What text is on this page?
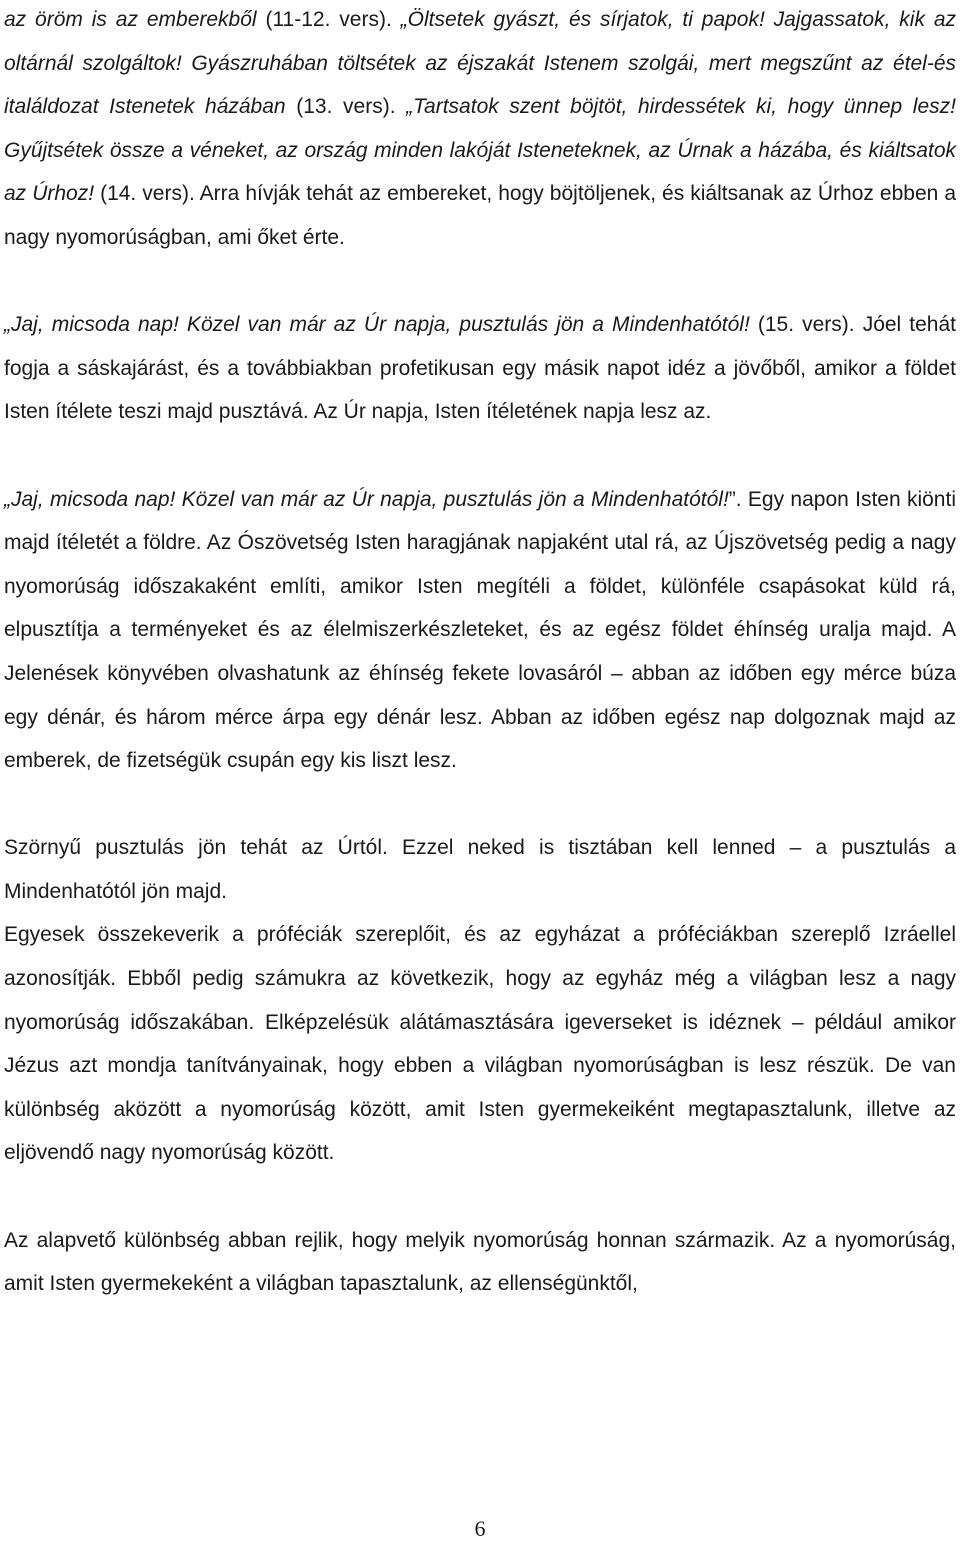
az öröm is az emberekből (11-12. vers). „Öltsetek gyászt, és sírjatok, ti papok! Jajgassatok, kik az oltárnál szolgáltok! Gyászruhában töltsétek az éjszakát Istenem szolgái, mert megszűnt az étel-és italáldozat Istenetek házában (13. vers). „Tartsatok szent böjtöt, hirdessétek ki, hogy ünnep lesz! Gyűjtsétek össze a véneket, az ország minden lakóját Isteneteknek, az Úrnak a házába, és kiáltsatok az Úrhoz! (14. vers). Arra hívják tehát az embereket, hogy böjtöljenek, és kiáltsanak az Úrhoz ebben a nagy nyomorúságban, ami őket érte.

„Jaj, micsoda nap! Közel van már az Úr napja, pusztulás jön a Mindenhatótól! (15. vers). Jóel tehát fogja a sáskajárást, és a továbbiakban profetikusan egy másik napot idéz a jövőből, amikor a földet Isten ítélete teszi majd pusztává. Az Úr napja, Isten ítéletének napja lesz az.

„Jaj, micsoda nap! Közel van már az Úr napja, pusztulás jön a Mindenhatótól!”. Egy napon Isten kiönti majd ítéletét a földre. Az Ószövetség Isten haragjának napjaként utal rá, az Újszövetség pedig a nagy nyomorúság időszakaként említi, amikor Isten megítéli a földet, különféle csapásokat küld rá, elpusztítja a terményeket és az élelmiszerkészleteket, és az egész földet éhínség uralja majd. A Jelenések könyvében olvashatunk az éhínség fekete lovasáról – abban az időben egy mérce búza egy dénár, és három mérce árpa egy dénár lesz. Abban az időben egész nap dolgoznak majd az emberek, de fizetségük csupán egy kis liszt lesz.

Szörnyű pusztulás jön tehát az Úrtól. Ezzel neked is tisztában kell lenned – a pusztulás a Mindenhatótól jön majd.

Egyesek összekeverik a próféciák szereplőit, és az egyházat a próféciákban szereplő Izráellel azonosítják. Ebből pedig számukra az következik, hogy az egyház még a világban lesz a nagy nyomorúság időszakában. Elképzelésük alátámasztására igeverseket is idéznek – például amikor Jézus azt mondja tanítványainak, hogy ebben a világban nyomorúságban is lesz részük. De van különbség aközött a nyomorúság között, amit Isten gyermekeiként megtapasztalunk, illetve az eljövendő nagy nyomorúság között.

Az alapvető különbség abban rejlik, hogy melyik nyomorúság honnan származik. Az a nyomorúság, amit Isten gyermekeként a világban tapasztalunk, az ellenségünktől,

6
